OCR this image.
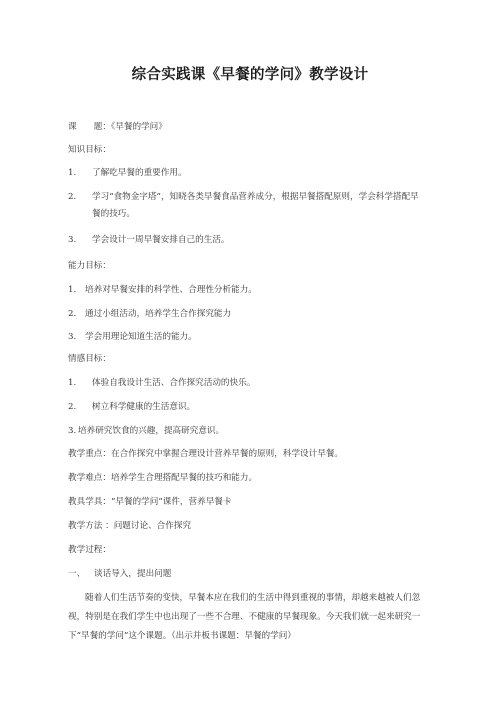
综合实践课《早餐的学问》教学设计
课　　题：《早餐的学问》
知识目标：
1. 了解吃早餐的重要作用。
2. 学习“食物金字塔”，知晓各类早餐食品营养成分，根据早餐搭配原则，学会科学搭配早
餐的技巧。
3. 学会设计一周早餐安排自己的生活。
能力目标：
1. 培养对早餐安排的科学性、合理性分析能力。
2. 通过小组活动，培养学生合作探究能力
3. 学会用理论知道生活的能力。
情感目标：
1. 体验自我设计生活、合作探究活动的快乐。
2. 树立科学健康的生活意识。
3. 培养研究饮食的兴趣，提高研究意识。
教学重点：在合作探究中掌握合理设计营养早餐的原则，科学设计早餐。
教学难点：培养学生合理搭配早餐的技巧和能力。
教具学具：“早餐的学问”课件，营养早餐卡
教学方法 ：问题讨论、合作探究
教学过程：
一、 谈话导入，提出问题
随着人们生活节奏的变快，早餐本应在我们的生活中得到重视的事情，却越来越被人们忽
视，特别是在我们学生中也出现了一些不合理、不健康的早餐现象。今天我们就一起来研究一
下“早餐的学问”这个课题。（出示并板书课题：早餐的学问）
